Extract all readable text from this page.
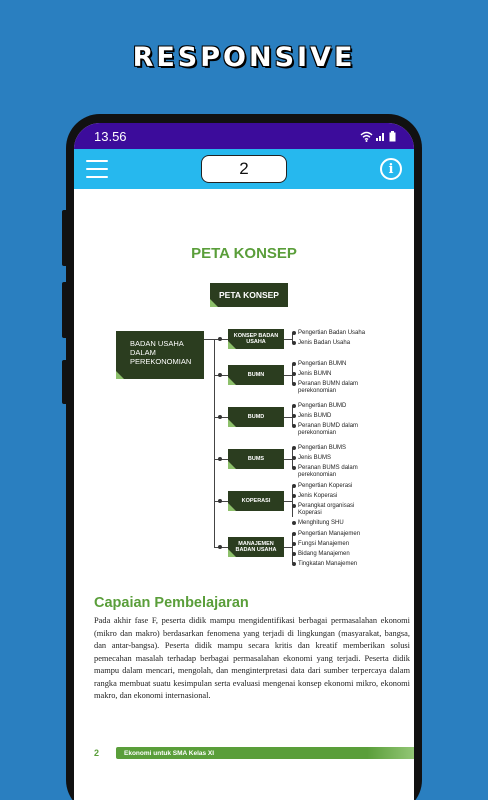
RESPONSIVE
13.56
2	i
PETA KONSEP
PETA KONSEP
BADAN USAHA DALAM PEREKONOMIAN
KONSEP BADAN USAHA
Pengertian Badan Usaha
Jenis Badan Usaha
BUMN
Pengertian BUMN
Jenis BUMN
Peranan BUMN dalam perekonomian
BUMD
Pengertian BUMD
Jenis BUMD
Peranan BUMD dalam perekonomian
BUMS
Pengertian BUMS
Jenis BUMS
Peranan BUMS dalam perekonomian
KOPERASI
Pengertian Koperasi
Jenis Koperasi
Perangkat organisasi Koperasi
Menghitung SHU
MANAJEMEN BADAN USAHA
Pengertian Manajemen
Fungsi Manajemen
Bidang Manajemen
Tingkatan Manajemen
Capaian Pembelajaran
Pada akhir fase F, peserta didik mampu mengidentifikasi berbagai permasalahan ekonomi (mikro dan makro) berdasarkan fenomena yang terjadi di lingkungan (masyarakat, bangsa, dan antar-bangsa). Peserta didik mampu secara kritis dan kreatif memberikan solusi pemecahan masalah terhadap berbagai permasalahan ekonomi yang terjadi. Peserta didik mampu dalam mencari, mengolah, dan menginterpretasi data dari sumber terpercaya dalam rangka membuat suatu kesimpulan serta evaluasi mengenai konsep ekonomi mikro, ekonomi makro, dan ekonomi internasional.
2	Ekonomi untuk SMA Kelas XI
